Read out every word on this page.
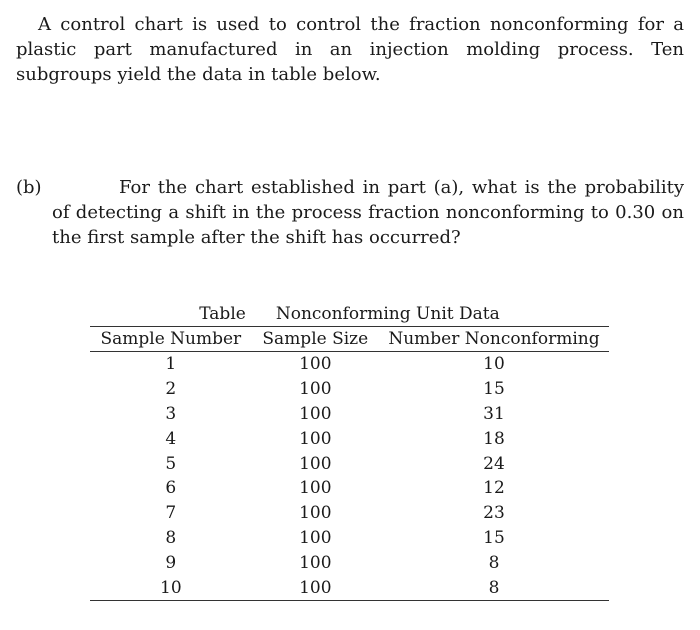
A control chart is used to control the fraction nonconforming for a plastic part manufactured in an injection molding process. Ten subgroups yield the data in table below.

(b)	For the chart established in part (a), what is the probability of detecting a shift in the process fraction nonconforming to 0.30 on the first sample after the shift has occurred?

Table Nonconforming Unit Data
Sample Number	Sample Size	Number Nonconforming
1	100	10
2	100	15
3	100	31
4	100	18
5	100	24
6	100	12
7	100	23
8	100	15
9	100	8
10	100	8
